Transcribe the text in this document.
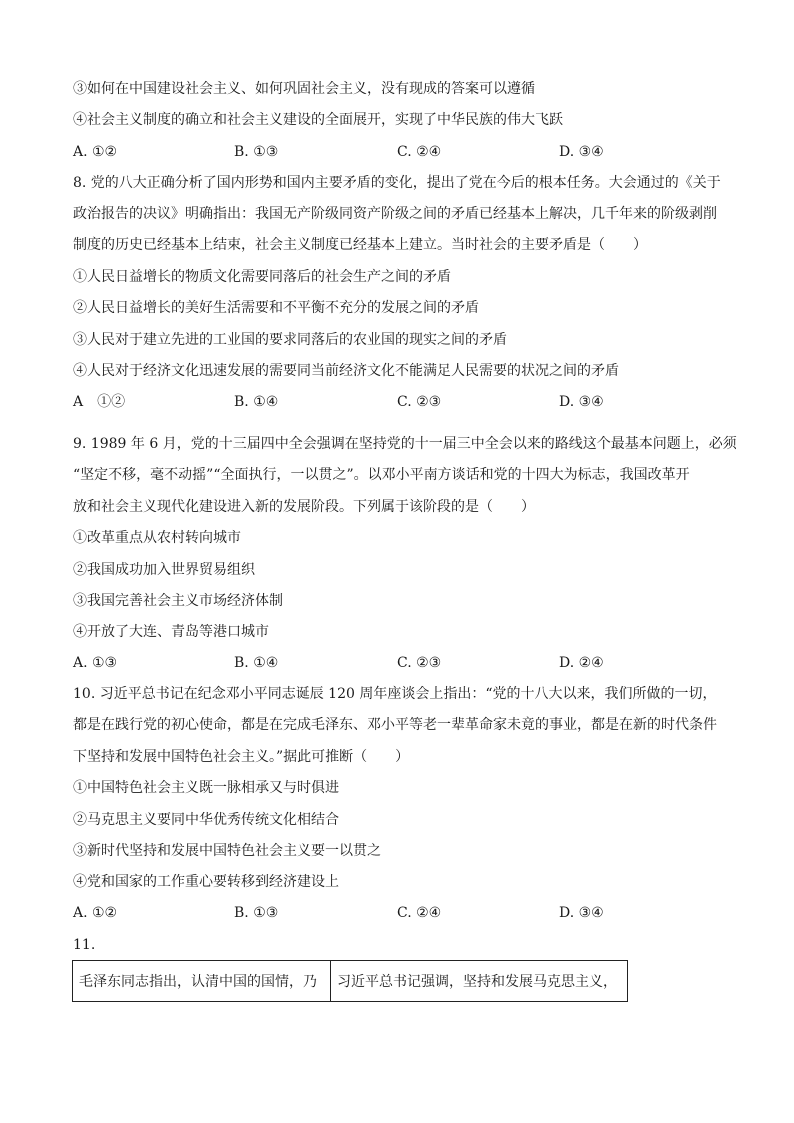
③如何在中国建设社会主义、如何巩固社会主义，没有现成的答案可以遵循
④社会主义制度的确立和社会主义建设的全面展开，实现了中华民族的伟大飞跃
A. ①②	B. ①③	C. ②④	D. ③④
8. 党的八大正确分析了国内形势和国内主要矛盾的变化，提出了党在今后的根本任务。大会通过的《关于
政治报告的决议》明确指出：我国无产阶级同资产阶级之间的矛盾已经基本上解决，几千年来的阶级剥削
制度的历史已经基本上结束，社会主义制度已经基本上建立。当时社会的主要矛盾是（　　）
①人民日益增长的物质文化需要同落后的社会生产之间的矛盾
②人民日益增长的美好生活需要和不平衡不充分的发展之间的矛盾
③人民对于建立先进的工业国的要求同落后的农业国的现实之间的矛盾
④人民对于经济文化迅速发展的需要同当前经济文化不能满足人民需要的状况之间的矛盾
A　①②	B. ①④	C. ②③	D. ③④
9. 1989 年 6 月，党的十三届四中全会强调在坚持党的十一届三中全会以来的路线这个最基本问题上，必须
“坚定不移，毫不动摇”“全面执行，一以贯之”。以邓小平南方谈话和党的十四大为标志，我国改革开
放和社会主义现代化建设进入新的发展阶段。下列属于该阶段的是（　　）
①改革重点从农村转向城市
②我国成功加入世界贸易组织
③我国完善社会主义市场经济体制
④开放了大连、青岛等港口城市
A. ①③	B. ①④	C. ②③	D. ②④
10. 习近平总书记在纪念邓小平同志诞辰 120 周年座谈会上指出：“党的十八大以来，我们所做的一切，
都是在践行党的初心使命，都是在完成毛泽东、邓小平等老一辈革命家未竟的事业，都是在新的时代条件
下坚持和发展中国特色社会主义。”据此可推断（　　）
①中国特色社会主义既一脉相承又与时俱进
②马克思主义要同中华优秀传统文化相结合
③新时代坚持和发展中国特色社会主义要一以贯之
④党和国家的工作重心要转移到经济建设上
A. ①②	B. ①③	C. ②④	D. ③④
11.
毛泽东同志指出，认清中国的国情，乃	习近平总书记强调，坚持和发展马克思主义，
